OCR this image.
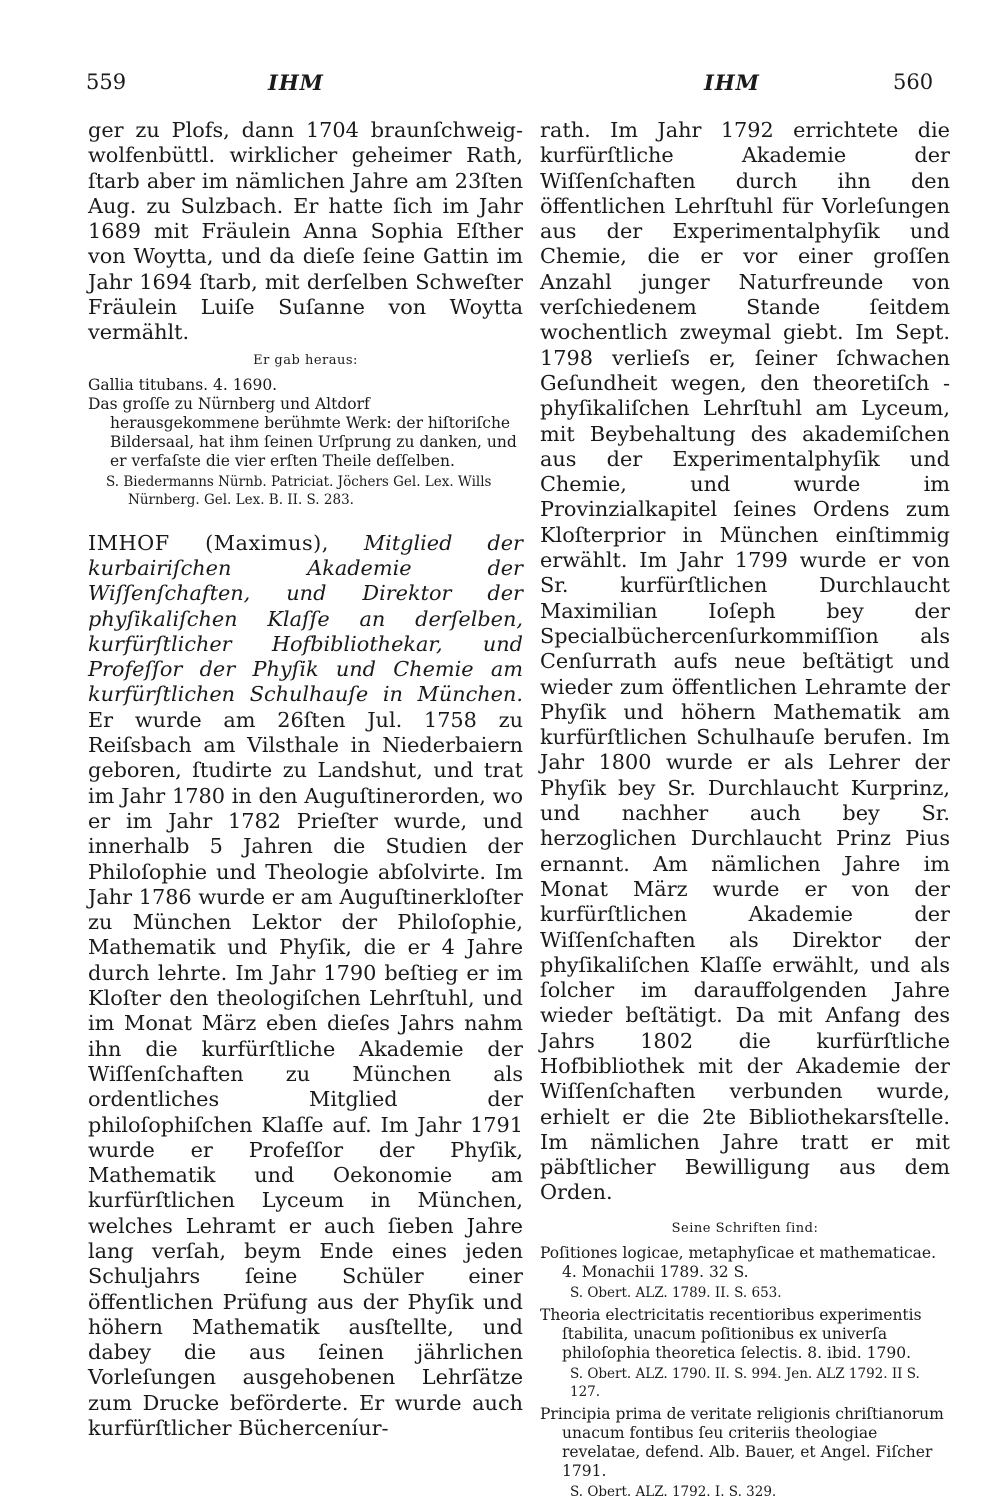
559	IHM	IHM	560

ger zu Plofs, dann 1704 braunſchweig- wolfenbüttl. wirklicher geheimer Rath, ſtarb aber im nämlichen Jahre am 23ſten Aug. zu Sulzbach. Er hatte ſich im Jahr 1689 mit Fräulein Anna Sophia Eſther von Woytta, und da dieſe ſeine Gattin im Jahr 1694 ſtarb, mit derſelben Schweſter Fräulein Luiſe Suſanne von Woytta vermählt.

Er gab heraus:

Gallia titubans. 4. 1690.

Das groſſe zu Nürnberg und Altdorf herausgekommene berühmte Werk: der hiſtoriſche Bildersaal, hat ihm ſeinen Urſprung zu danken, und er verfaſste die vier erſten Theile deſſelben.

S. Biedermanns Nürnb. Patriciat. Jöchers Gel. Lex. Wills Nürnberg. Gel. Lex. B. II. S. 283.

IMHOF (Maximus), Mitglied der kurbairiſchen Akademie der Wiſſenſchaften, und Direktor der phyſikaliſchen Klaſſe an derſelben, kurfürſtlicher Hofbibliothekar, und Profeſſor der Phyſik und Chemie am kurfürſtlichen Schulhauſe in München. Er wurde am 26ſten Jul. 1758 zu Reiſsbach am Vilsthale in Niederbaiern geboren, ſtudirte zu Landshut, und trat im Jahr 1780 in den Auguſtinerorden, wo er im Jahr 1782 Prieſter wurde, und innerhalb 5 Jahren die Studien der Philoſophie und Theologie abſolvirte. Im Jahr 1786 wurde er am Auguſtinerkloſter zu München Lektor der Philoſophie, Mathematik und Phyſik, die er 4 Jahre durch lehrte. Im Jahr 1790 beſtieg er im Kloſter den theologiſchen Lehrſtuhl, und im Monat März eben dieſes Jahrs nahm ihn die kurfürſtliche Akademie der Wiſſenſchaften zu München als ordentliches Mitglied der philoſophiſchen Klaſſe auf. Im Jahr 1791 wurde er Profeſſor der Phyſik, Mathematik und Oekonomie am kurfürſtlichen Lyceum in München, welches Lehramt er auch ſieben Jahre lang verſah, beym Ende eines jeden Schuljahrs ſeine Schüler einer öffentlichen Prüfung aus der Phyſik und höhern Mathematik ausſtellte, und dabey die aus ſeinen jährlichen Vorleſungen ausgehobenen Lehrſätze zum Drucke beförderte. Er wurde auch kurfürſtlicher Bücherceníur-

rath. Im Jahr 1792 errichtete die kurfürſtliche Akademie der Wiſſenſchaften durch ihn den öffentlichen Lehrſtuhl für Vorleſungen aus der Experimentalphyſik und Chemie, die er vor einer groſſen Anzahl junger Naturfreunde von verſchiedenem Stande ſeitdem wochentlich zweymal giebt. Im Sept. 1798 verlieſs er, ſeiner ſchwachen Geſundheit wegen, den theoretiſch - phyſikaliſchen Lehrſtuhl am Lyceum, mit Beybehaltung des akademiſchen aus der Experimentalphyſik und Chemie, und wurde im Provinzialkapitel ſeines Ordens zum Kloſterprior in München einſtimmig erwählt. Im Jahr 1799 wurde er von Sr. kurfürſtlichen Durchlaucht Maximilian Ioſeph bey der Specialbüchercenſurkommiſſion als Cenſurrath aufs neue beſtätigt und wieder zum öffentlichen Lehramte der Phyſik und höhern Mathematik am kurfürſtlichen Schulhauſe berufen. Im Jahr 1800 wurde er als Lehrer der Phyſik bey Sr. Durchlaucht Kurprinz, und nachher auch bey Sr. herzoglichen Durchlaucht Prinz Pius ernannt. Am nämlichen Jahre im Monat März wurde er von der kurfürſtlichen Akademie der Wiſſenſchaften als Direktor der phyſikaliſchen Klaſſe erwählt, und als ſolcher im darauffolgenden Jahre wieder beſtätigt. Da mit Anfang des Jahrs 1802 die kurfürſtliche Hofbibliothek mit der Akademie der Wiſſenſchaften verbunden wurde, erhielt er die 2te Bibliothekarsſtelle. Im nämlichen Jahre tratt er mit päbſtlicher Bewilligung aus dem Orden.

Seine Schriften ſind:

Poſitiones logicae, metaphyſicae et mathematicae. 4. Monachii 1789. 32 S.

S. Obert. ALZ. 1789. II. S. 653.

Theoria electricitatis recentioribus experimentis ſtabilita, unacum poſitionibus ex univerſa philoſophia theoretica ſelectis. 8. ibid. 1790.

S. Obert. ALZ. 1790. II. S. 994. Jen. ALZ 1792. II S. 127.

Principia prima de veritate religionis chriſtianorum unacum fontibus ſeu criteriis theologiae revelatae, defend. Alb. Bauer, et Angel. Fiſcher 1791.

S. Obert. ALZ. 1792. I. S. 329.
